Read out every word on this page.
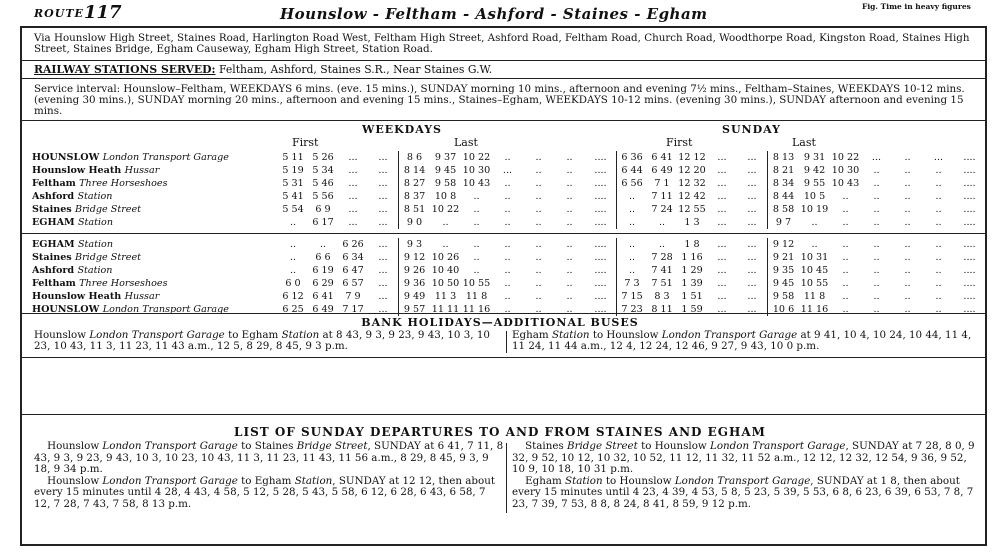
ROUTE 117	Hounslow - Feltham - Ashford - Staines - Egham	Fig. Time in heavy figures
Via Hounslow High Street, Staines Road, Harlington Road West, Feltham High Street, Ashford Road, Feltham Road, Church Road, Woodthorpe Road, Kingston Road, Staines High Street, Staines Bridge, Egham Causeway, Egham High Street, Station Road.
RAILWAY STATIONS SERVED: Feltham, Ashford, Staines S.R., Near Staines G.W.
Service interval: Hounslow–Feltham, WEEKDAYS 6 mins. (eve. 15 mins.), SUNDAY morning 10 mins., afternoon and evening 7½ mins., Feltham–Staines, WEEKDAYS 10-12 mins. (evening 30 mins.), SUNDAY morning 20 mins., afternoon and evening 15 mins., Staines–Egham, WEEKDAYS 10-12 mins. (evening 30 mins.), SUNDAY afternoon and evening 15 mins.
WEEKDAYS	SUNDAY
First	Last	First	Last
HOUNSLOW London Transport Garage	5 11	5 26	...	...	8 6	9 37	10 22	..	..	..	....	6 36	6 41	12 12	...	...	8 13	9 31	10 22	...	..	...	....
Hounslow Heath Hussar	5 19	5 34	...	...	8 14	9 45	10 30	...	..	..	....	6 44	6 49	12 20	...	...	8 21	9 42	10 30	..	..	..	....
Feltham Three Horseshoes	5 31	5 46	...	...	8 27	9 58	10 43	..	..	..	....	6 56	7 1	12 32	...	...	8 34	9 55	10 43	..	..	..	....
Ashford Station	5 41	5 56	...	...	8 37	10 8	..	..	..	..	....	..	7 11	12 42	...	...	8 44	10 5	..	..	..	..	....
Staines Bridge Street	5 54	6 9	...	...	8 51	10 22	..	..	..	..	....	..	7 24	12 55	...	...	8 58	10 19	..	..	..	..	....
EGHAM Station	..	6 17	...	...	9 0	..	..	..	..	..	....	..	..	1 3	...	...	9 7	..	..	..	..	..	....
EGHAM Station	..	..	6 26	...	9 3	..	..	..	..	..	....	..	..	1 8	...	...	9 12	..	..	..	..	..	....
Staines Bridge Street	..	6 6	6 34	...	9 12	10 26	..	..	..	..	....	..	7 28	1 16	...	...	9 21	10 31	..	..	..	..	....
Ashford Station	..	6 19	6 47	...	9 26	10 40	..	..	..	..	....	..	7 41	1 29	...	...	9 35	10 45	..	..	..	..	....
Feltham Three Horseshoes	6 0	6 29	6 57	...	9 36	10 50	10 55	..	..	..	....	7 3	7 51	1 39	...	...	9 45	10 55	..	..	..	..	....
Hounslow Heath Hussar	6 12	6 41	7 9	...	9 49	11 3	11 8	..	..	..	....	7 15	8 3	1 51	...	...	9 58	11 8	..	..	..	..	....
HOUNSLOW London Transport Garage	6 25	6 49	7 17	...	9 57	11 11	11 16	..	..	..	....	7 23	8 11	1 59	...	...	10 6	11 16	..	..	..	..	....
BANK HOLIDAYS—ADDITIONAL BUSES
Hounslow London Transport Garage to Egham Station at 8 43, 9 3, 9 23, 9 43, 10 3, 10 23, 10 43, 11 3, 11 23, 11 43 a.m., 12 5, 8 29, 8 45, 9 3 p.m.
Egham Station to Hounslow London Transport Garage at 9 41, 10 4, 10 24, 10 44, 11 4, 11 24, 11 44 a.m., 12 4, 12 24, 12 46, 9 27, 9 43, 10 0 p.m.
LIST OF SUNDAY DEPARTURES TO AND FROM STAINES AND EGHAM
Hounslow London Transport Garage to Staines Bridge Street, SUNDAY at 6 41, 7 11, 8 43, 9 3, 9 23, 9 43, 10 3, 10 23, 10 43, 11 3, 11 23, 11 43, 11 56 a.m., 8 29, 8 45, 9 3, 9 18, 9 34 p.m.
Hounslow London Transport Garage to Egham Station, SUNDAY at 12 12, then about every 15 minutes until 4 28, 4 43, 4 58, 5 12, 5 28, 5 43, 5 58, 6 12, 6 28, 6 43, 6 58, 7 12, 7 28, 7 43, 7 58, 8 13 p.m.
Staines Bridge Street to Hounslow London Transport Garage, SUNDAY at 7 28, 8 0, 9 32, 9 52, 10 12, 10 32, 10 52, 11 12, 11 32, 11 52 a.m., 12 12, 12 32, 12 54, 9 36, 9 52, 10 9, 10 18, 10 31 p.m.
Egham Station to Hounslow London Transport Garage, SUNDAY at 1 8, then about every 15 minutes until 4 23, 4 39, 4 53, 5 8, 5 23, 5 39, 5 53, 6 8, 6 23, 6 39, 6 53, 7 8, 7 23, 7 39, 7 53, 8 8, 8 24, 8 41, 8 59, 9 12 p.m.
